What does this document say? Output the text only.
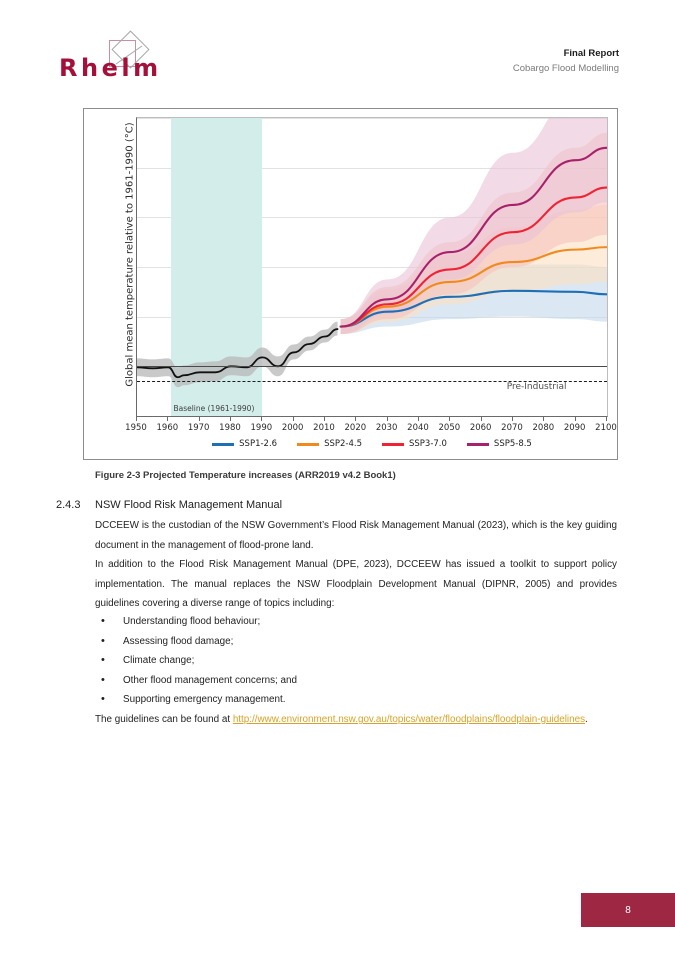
Rhelm
Final Report
Cobargo Flood Modelling
Global mean temperature relative to 1961-1990 (°C)
Pre-Industrial
Baseline (1961-1990)
1950 1960 1970 1980 1990 2000 2010 2020 2030 2040 2050 2060 2070 2080 2090 2100
SSP1-2.6	SSP2-4.5	SSP3-7.0	SSP5-8.5
Figure 2-3 Projected Temperature increases (ARR2019 v4.2 Book1)
2.4.3 NSW Flood Risk Management Manual

DCCEEW is the custodian of the NSW Government’s Flood Risk Management Manual (2023), which is the key guiding document in the management of flood-prone land.

In addition to the Flood Risk Management Manual (DPE, 2023), DCCEEW has issued a toolkit to support policy implementation. The manual replaces the NSW Floodplain Development Manual (DIPNR, 2005) and provides guidelines covering a diverse range of topics including:

• Understanding flood behaviour;
• Assessing flood damage;
• Climate change;
• Other flood management concerns; and
• Supporting emergency management.

The guidelines can be found at http://www.environment.nsw.gov.au/topics/water/floodplains/floodplain-guidelines.

8
